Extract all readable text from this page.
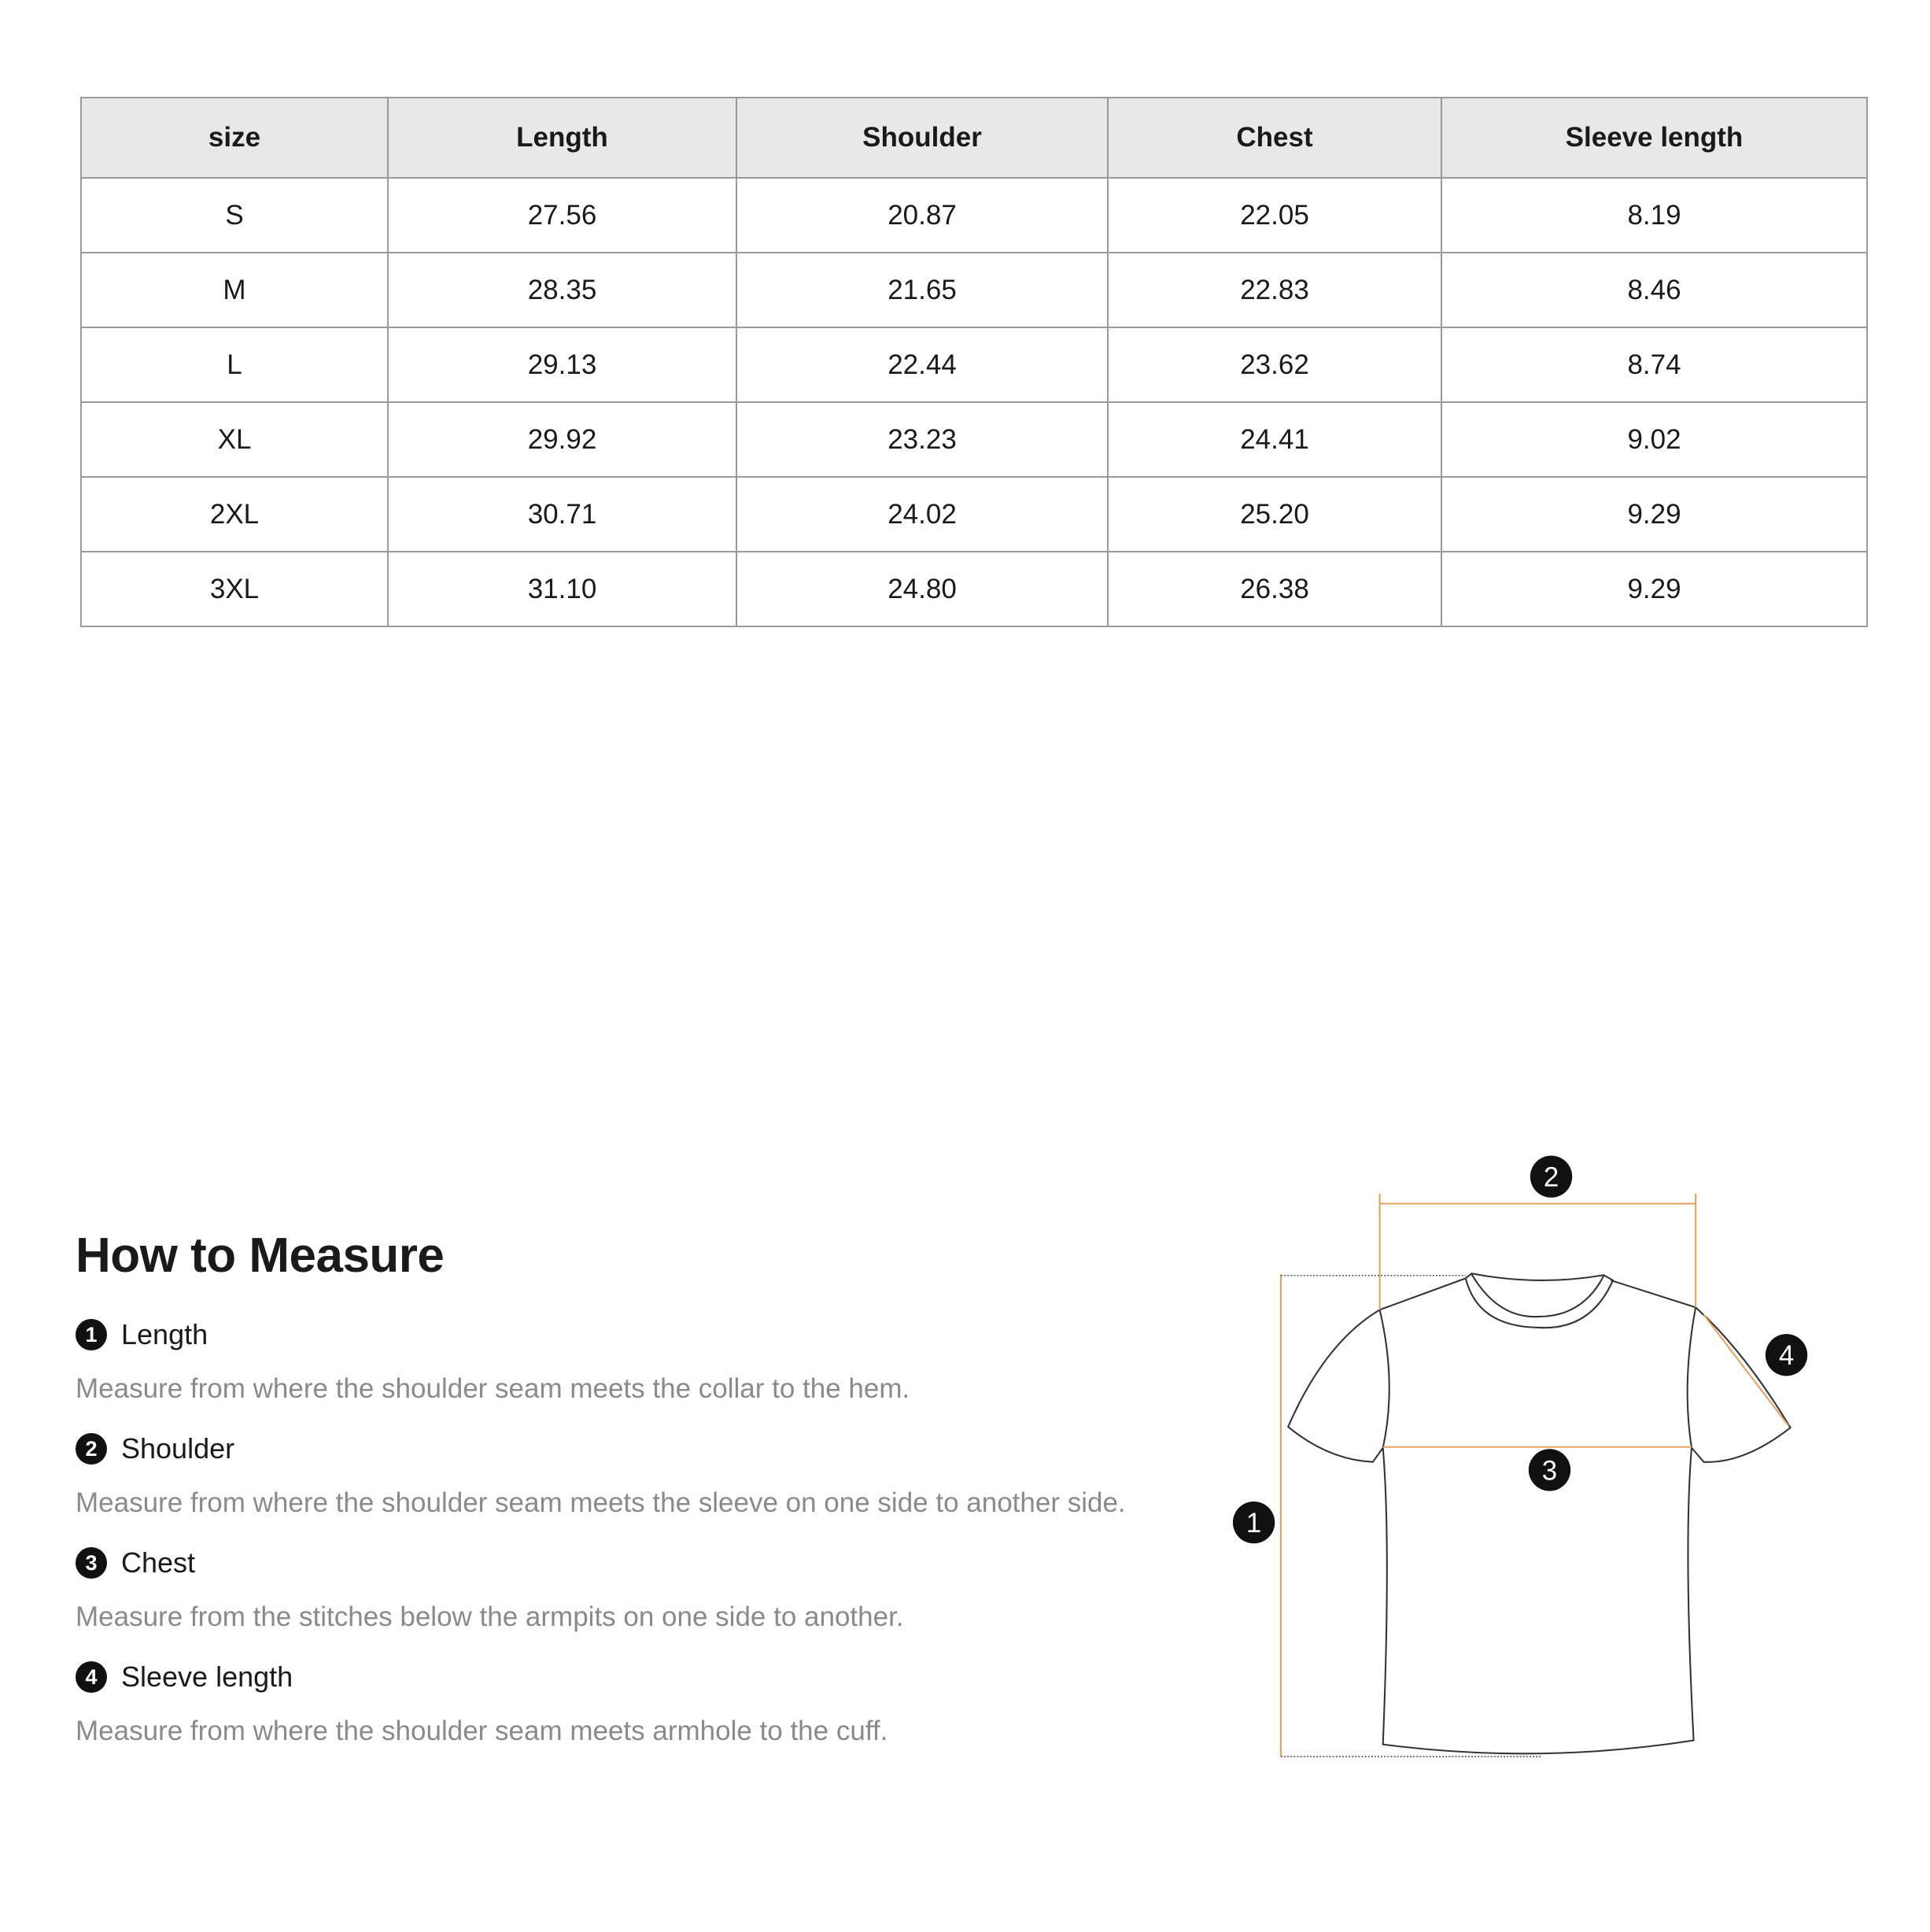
size	Length	Shoulder	Chest	Sleeve length
S	27.56	20.87	22.05	8.19
M	28.35	21.65	22.83	8.46
L	29.13	22.44	23.62	8.74
XL	29.92	23.23	24.41	9.02
2XL	30.71	24.02	25.20	9.29
3XL	31.10	24.80	26.38	9.29
How to Measure
1 Length
Measure from where the shoulder seam meets the collar to the hem.
2 Shoulder
Measure from where the shoulder seam meets the sleeve on one side to another side.
3 Chest
Measure from the stitches below the armpits on one side to another.
4 Sleeve length
Measure from where the shoulder seam meets armhole to the cuff.
2
4
3
1
